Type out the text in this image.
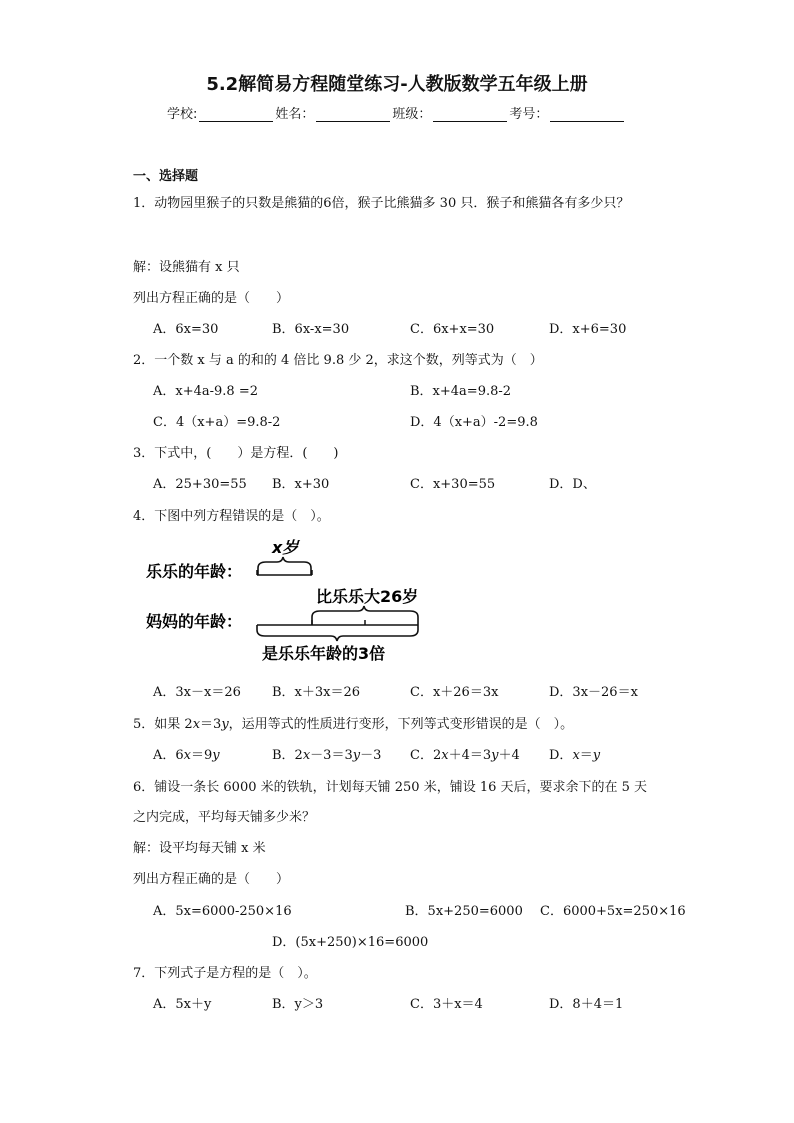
5.2解简易方程随堂练习-人教版数学五年级上册
学校:	姓名：	班级：	考号：
一、选择题
1．动物园里猴子的只数是熊猫的6倍，猴子比熊猫多 30 只．猴子和熊猫各有多少只？
解：设熊猫有 x 只
列出方程正确的是（　　）
A．6x=30	B．6x-x=30	C．6x+x=30	D．x+6=30
2．一个数 x 与 a 的和的 4 倍比 9.8 少 2，求这个数，列等式为（　）
A．x+4a-9.8 =2	B．x+4a=9.8-2
C．4（x+a）=9.8-2	D．4（x+a）-2=9.8
3．下式中，(　　）是方程．(　　)
A．25+30=55 B．x+30	C．x+30=55	D．D、
4．下图中列方程错误的是（　）。
x岁
乐乐的年龄：
比乐乐大26岁
妈妈的年龄：
是乐乐年龄的3倍
A．3x－x＝26 B．x＋3x＝26	C．x＋26＝3x	D．3x－26＝x
5．如果 2x＝3y，运用等式的性质进行变形，下列等式变形错误的是（　）。
A．6x＝9y	B．2x－3＝3y－3 C．2x＋4＝3y＋4 D．x＝y
6．铺设一条长 6000 米的铁轨，计划每天铺 250 米，铺设 16 天后，要求余下的在 5 天
之内完成，平均每天铺多少米？
解：设平均每天铺 x 米
列出方程正确的是（　　）
A．5x=6000-250×16	B．5x+250=6000 C．6000+5x=250×16
D．(5x+250)×16=6000
7．下列式子是方程的是（　）。
A．5x＋y	B．y＞3	C．3＋x＝4	D．8＋4＝1
